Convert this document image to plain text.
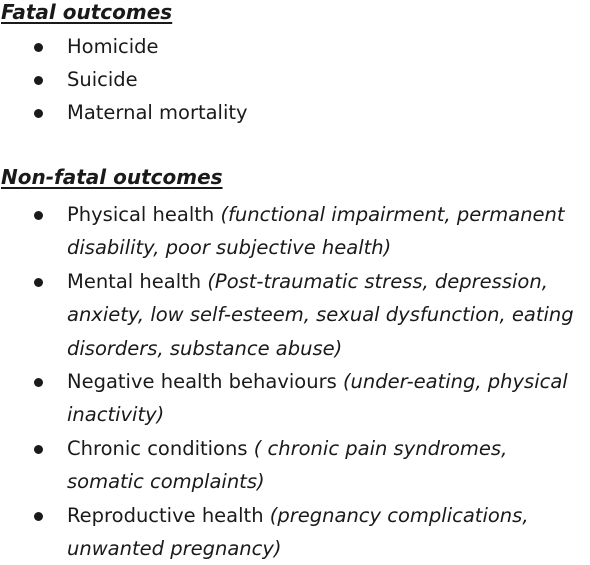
Fatal outcomes
Homicide
Suicide
Maternal mortality
Non-fatal outcomes
Physical health (functional impairment, permanent
disability, poor subjective health)
Mental health (Post-traumatic stress, depression,
anxiety, low self-esteem, sexual dysfunction, eating
disorders, substance abuse)
Negative health behaviours (under-eating, physical
inactivity)
Chronic conditions ( chronic pain syndromes,
somatic complaints)
Reproductive health (pregnancy complications,
unwanted pregnancy)
